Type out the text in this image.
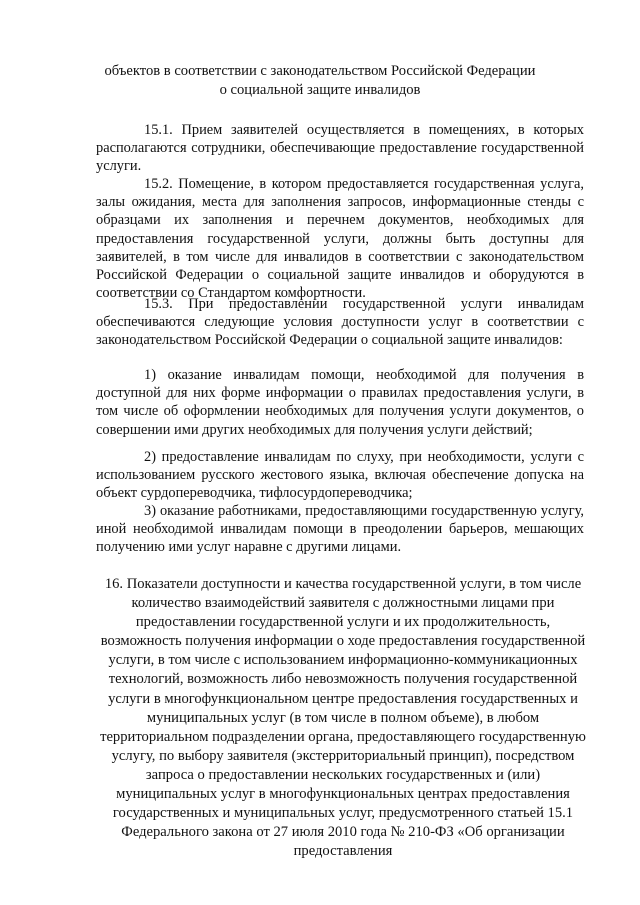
объектов в соответствии с законодательством Российской Федерации о социальной защите инвалидов

15.1. Прием заявителей осуществляется в помещениях, в которых располагаются сотрудники, обеспечивающие предоставление государственной услуги.

15.2. Помещение, в котором предоставляется государственная услуга, залы ожидания, места для заполнения запросов, информационные стенды с образцами их заполнения и перечнем документов, необходимых для предоставления государственной услуги, должны быть доступны для заявителей, в том числе для инвалидов в соответствии с законодательством Российской Федерации о социальной защите инвалидов и оборудуются в соответствии со Стандартом комфортности.

15.3. При предоставлении государственной услуги инвалидам обеспечиваются следующие условия доступности услуг в соответствии с законодательством Российской Федерации о социальной защите инвалидов:

1) оказание инвалидам помощи, необходимой для получения в доступной для них форме информации о правилах предоставления услуги, в том числе об оформлении необходимых для получения услуги документов, о совершении ими других необходимых для получения услуги действий;

2) предоставление инвалидам по слуху, при необходимости, услуги с использованием русского жестового языка, включая обеспечение допуска на объект сурдопереводчика, тифлосурдопереводчика;

3) оказание работниками, предоставляющими государственную услугу, иной необходимой инвалидам помощи в преодолении барьеров, мешающих получению ими услуг наравне с другими лицами.

16. Показатели доступности и качества государственной услуги, в том числе количество взаимодействий заявителя с должностными лицами при предоставлении государственной услуги и их продолжительность, возможность получения информации о ходе предоставления государственной услуги, в том числе с использованием информационно-коммуникационных технологий, возможность либо невозможность получения государственной услуги в многофункциональном центре предоставления государственных и муниципальных услуг (в том числе в полном объеме), в любом территориальном подразделении органа, предоставляющего государственную услугу, по выбору заявителя (экстерриториальный принцип), посредством запроса о предоставлении нескольких государственных и (или) муниципальных услуг в многофункциональных центрах предоставления государственных и муниципальных услуг, предусмотренного статьей 15.1 Федерального закона от 27 июля 2010 года № 210-ФЗ «Об организации предоставления
